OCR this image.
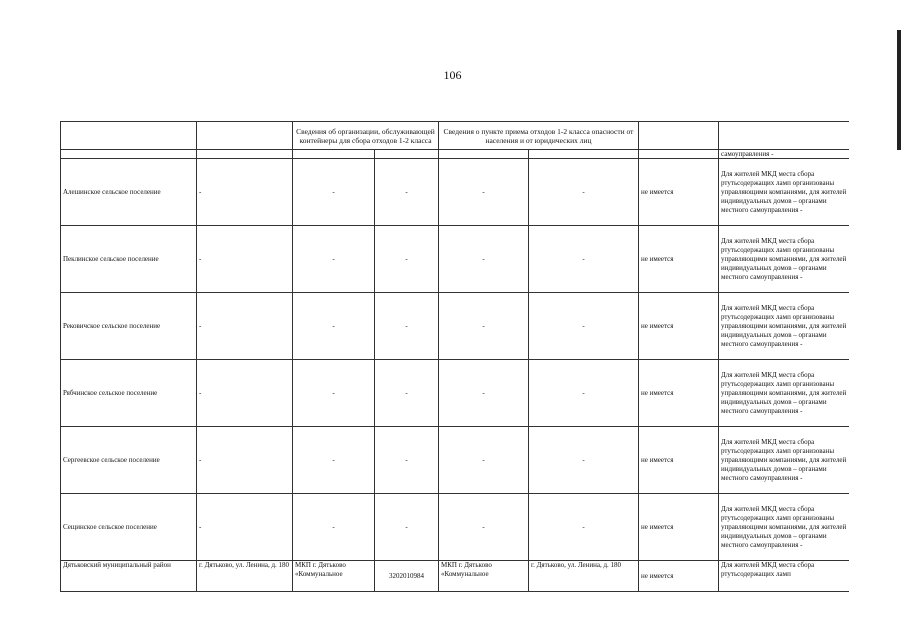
106
		Сведения об организации, обслуживающей контейнеры для сбора отходов 1-2 класса		Сведения о пункте приема отходов 1-2 класса опасности от населения и от юридических лиц			
							самоуправления -
Алешинское сельское поселение	-	-	-	-	-	не имеется	Для жителей МКД места сбора ртутьсодержащих ламп организованы управляющими компаниями, для жителей индивидуальных домов – органами местного самоуправления -
Пеклинское сельское поселение	-	-	-	-	-	не имеется	Для жителей МКД места сбора ртутьсодержащих ламп организованы управляющими компаниями, для жителей индивидуальных домов – органами местного самоуправления -
Рековичское сельское поселение	-	-	-	-	-	не имеется	Для жителей МКД места сбора ртутьсодержащих ламп организованы управляющими компаниями, для жителей индивидуальных домов – органами местного самоуправления -
Рябчинское сельское поселение	-	-	-	-	-	не имеется	Для жителей МКД места сбора ртутьсодержащих ламп организованы управляющими компаниями, для жителей индивидуальных домов – органами местного самоуправления -
Сергеевское сельское поселение	-	-	-	-	-	не имеется	Для жителей МКД места сбора ртутьсодержащих ламп организованы управляющими компаниями, для жителей индивидуальных домов – органами местного самоуправления -
Сещинское сельское поселение	-	-	-	-	-	не имеется	Для жителей МКД места сбора ртутьсодержащих ламп организованы управляющими компаниями, для жителей индивидуальных домов – органами местного самоуправления -
Дятьковский муниципальный район	г. Дятьково, ул. Ленина, д. 180	МКП г. Дятьково «Коммунальное	3202010984	МКП г. Дятьково «Коммунальное	г. Дятьково, ул. Ленина, д. 180	не имеется	Для жителей МКД места сбора ртутьсодержащих ламп
